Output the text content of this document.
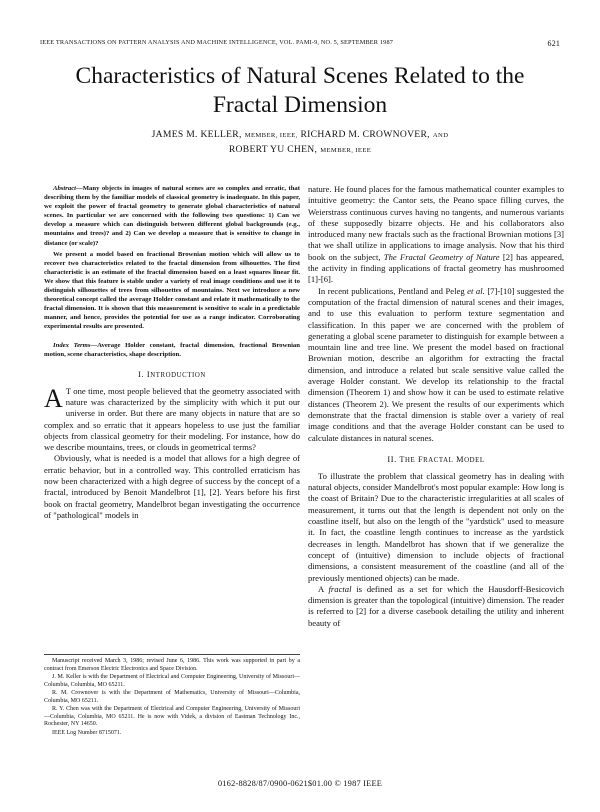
IEEE TRANSACTIONS ON PATTERN ANALYSIS AND MACHINE INTELLIGENCE, VOL. PAMI-9, NO. 5, SEPTEMBER 1987	621
Characteristics of Natural Scenes Related to the
Fractal Dimension
JAMES M. KELLER, MEMBER, IEEE, RICHARD M. CROWNOVER, AND
ROBERT YU CHEN, MEMBER, IEEE

Abstract—Many objects in images of natural scenes are so complex and erratic, that describing them by the familiar models of classical geometry is inadequate. In this paper, we exploit the power of fractal geometry to generate global characteristics of natural scenes. In particular we are concerned with the following two questions: 1) Can we develop a measure which can distinguish between different global backgrounds (e.g., mountains and trees)? and 2) Can we develop a measure that is sensitive to change in distance (or scale)?

We present a model based on fractional Brownian motion which will allow us to recover two characteristics related to the fractal dimension from silhouettes. The first characteristic is an estimate of the fractal dimension based on a least squares linear fit. We show that this feature is stable under a variety of real image conditions and use it to distinguish silhouettes of trees from silhouettes of mountains. Next we introduce a new theoretical concept called the average Holder constant and relate it mathematically to the fractal dimension. It is shown that this measurement is sensitive to scale in a predictable manner, and hence, provides the potential for use as a range indicator. Corroborating experimental results are presented.

Index Terms—Average Holder constant, fractal dimension, fractional Brownian motion, scene characteristics, shape description.
I. INTRODUCTION

A T one time, most people believed that the geometry associated with nature was characterized by the simplicity with which it put our universe in order. But there are many objects in nature that are so complex and so erratic that it appears hopeless to use just the familiar objects from classical geometry for their modeling. For instance, how do we describe mountains, trees, or clouds in geometrical terms?

Obviously, what is needed is a model that allows for a high degree of erratic behavior, but in a controlled way. This controlled erraticism has now been characterized with a high degree of success by the concept of a fractal, introduced by Benoit Mandelbrot [1], [2]. Years before his first book on fractal geometry, Mandelbrot began investigating the occurrence of "pathological" models in

Manuscript received March 3, 1986; revised June 6, 1986. This work was supported in part by a contract from Emerson Electric Electronics and Space Division.

J. M. Keller is with the Department of Electrical and Computer Engineering, University of Missouri—Columbia, Columbia, MO 65211.

R. M. Crownover is with the Department of Mathematics, University of Missouri—Columbia, Columbia, MO 65211.

R. Y. Chen was with the Department of Electrical and Computer Engineering, University of Missouri—Columbia, Columbia, MO 65211. He is now with Videk, a division of Eastman Technology Inc., Rochester, NY 14650.

IEEE Log Number 8715071.

nature. He found places for the famous mathematical counter examples to intuitive geometry: the Cantor sets, the Peano space filling curves, the Weierstrass continuous curves having no tangents, and numerous variants of these supposedly bizarre objects. He and his collaborators also introduced many new fractals such as the fractional Brownian motions [3] that we shall utilize in applications to image analysis. Now that his third book on the subject, The Fractal Geometry of Nature [2] has appeared, the activity in finding applications of fractal geometry has mushroomed [1]-[6].

In recent publications, Pentland and Peleg et al. [7]-[10] suggested the computation of the fractal dimension of natural scenes and their images, and to use this evaluation to perform texture segmentation and classification. In this paper we are concerned with the problem of generating a global scene parameter to distinguish for example between a mountain line and tree line. We present the model based on fractional Brownian motion, describe an algorithm for extracting the fractal dimension, and introduce a related but scale sensitive value called the average Holder constant. We develop its relationship to the fractal dimension (Theorem 1) and show how it can be used to estimate relative distances (Theorem 2). We present the results of our experiments which demonstrate that the fractal dimension is stable over a variety of real image conditions and that the average Holder constant can be used to calculate distances in natural scenes.

II. THE FRACTAL MODEL

To illustrate the problem that classical geometry has in dealing with natural objects, consider Mandelbrot's most popular example: How long is the coast of Britain? Due to the characteristic irregularities at all scales of measurement, it turns out that the length is dependent not only on the coastline itself, but also on the length of the "yardstick" used to measure it. In fact, the coastline length continues to increase as the yardstick decreases in length. Mandelbrot has shown that if we generalize the concept of (intuitive) dimension to include objects of fractional dimensions, a consistent measurement of the coastline (and all of the previously mentioned objects) can be made.

A fractal is defined as a set for which the Hausdorff-Besicovich dimension is greater than the topological (intuitive) dimension. The reader is referred to [2] for a diverse casebook detailing the utility and inherent beauty of

0162-8828/87/0900-0621$01.00 © 1987 IEEE
